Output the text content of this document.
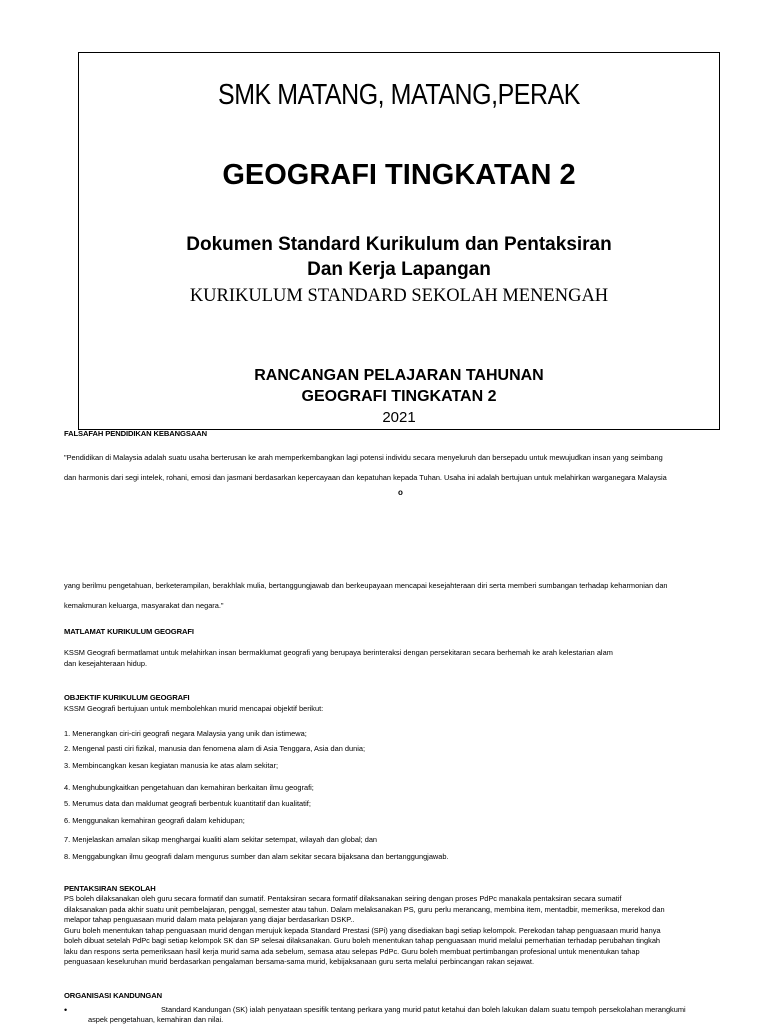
SMK MATANG, MATANG,PERAK
GEOGRAFI TINGKATAN 2
Dokumen Standard Kurikulum dan Pentaksiran
Dan Kerja Lapangan
KURIKULUM STANDARD SEKOLAH MENENGAH
RANCANGAN PELAJARAN TAHUNAN
GEOGRAFI TINGKATAN 2
2021
FALSAFAH PENDIDIKAN KEBANGSAAN

"Pendidikan di Malaysia adalah suatu usaha berterusan ke arah memperkembangkan lagi potensi individu secara menyeluruh dan bersepadu untuk mewujudkan insan yang seimbang

dan harmonis dari segi intelek, rohani, emosi dan jasmani berdasarkan kepercayaan dan kepatuhan kepada Tuhan. Usaha ini adalah bertujuan untuk melahirkan warganegara Malaysia

o

yang berilmu pengetahuan, berketerampilan, berakhlak mulia, bertanggungjawab dan berkeupayaan mencapai kesejahteraan diri serta memberi sumbangan terhadap keharmonian dan

kemakmuran keluarga, masyarakat dan negara."

MATLAMAT KURIKULUM GEOGRAFI

KSSM Geografi bermatlamat untuk melahirkan insan bermaklumat geografi yang berupaya berinteraksi dengan persekitaran secara berhemah ke arah kelestarian alam

dan kesejahteraan hidup.

OBJEKTIF KURIKULUM GEOGRAFI

KSSM Geografi bertujuan untuk membolehkan murid mencapai objektif berikut:

1. Menerangkan ciri-ciri geografi negara Malaysia yang unik dan istimewa;

2. Mengenal pasti ciri fizikal, manusia dan fenomena alam di Asia Tenggara, Asia dan dunia;

3. Membincangkan kesan kegiatan manusia ke atas alam sekitar;

4. Menghubungkaitkan pengetahuan dan kemahiran berkaitan ilmu geografi;

5. Merumus data dan maklumat geografi berbentuk kuantitatif dan kualitatif;

6. Menggunakan kemahiran geografi dalam kehidupan;

7. Menjelaskan amalan sikap menghargai kualiti alam sekitar setempat, wilayah dan global; dan

8. Menggabungkan ilmu geografi dalam mengurus sumber dan alam sekitar secara bijaksana dan bertanggungjawab.

PENTAKSIRAN SEKOLAH

PS boleh dilaksanakan oleh guru secara formatif dan sumatif. Pentaksiran secara formatif dilaksanakan seiring dengan proses PdPc manakala pentaksiran secara sumatif

dilaksanakan pada akhir suatu unit pembelajaran, penggal, semester atau tahun. Dalam melaksanakan PS, guru perlu merancang, membina item, mentadbir, memeriksa, merekod dan

melapor tahap penguasaan murid dalam mata pelajaran yang diajar berdasarkan DSKP..

Guru boleh menentukan tahap penguasaan murid dengan merujuk kepada Standard Prestasi (SPi) yang disediakan bagi setiap kelompok. Perekodan tahap penguasaan murid hanya

boleh dibuat setelah PdPc bagi setiap kelompok SK dan SP selesai dilaksanakan. Guru boleh menentukan tahap penguasaan murid melalui pemerhatian terhadap perubahan tingkah

laku dan respons serta pemeriksaan hasil kerja murid sama ada sebelum, semasa atau selepas PdPc. Guru boleh membuat pertimbangan profesional untuk menentukan tahap

penguasaan keseluruhan murid berdasarkan pengalaman bersama-sama murid, kebijaksanaan guru serta melalui perbincangan rakan sejawat.

ORGANISASI KANDUNGAN
•	Standard Kandungan (SK) ialah penyataan spesifik tentang perkara yang murid patut ketahui dan boleh lakukan dalam suatu tempoh persekolahan merangkumi
aspek pengetahuan, kemahiran dan nilai.
